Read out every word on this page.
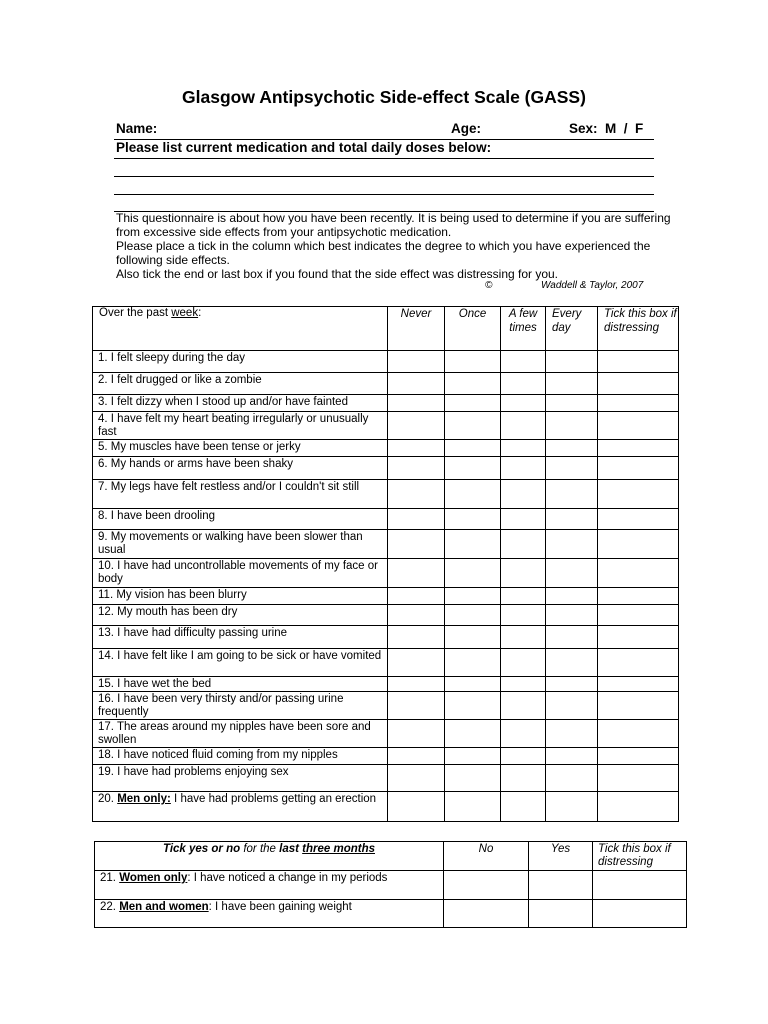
Glasgow Antipsychotic Side-effect Scale (GASS)
Name:	Age:	Sex:  M  /  F
Please list current medication and total daily doses below:
This questionnaire is about how you have been recently. It is being used to determine if you are suffering from excessive side effects from your antipsychotic medication.
Please place a tick in the column which best indicates the degree to which you have experienced the following side effects.
Also tick the end or last box if you found that the side effect was distressing for you.
©	Waddell & Taylor, 2007
Over the past week:	Never	Once	A few times	Every day	Tick this box if distressing
1. I felt sleepy during the day					
2. I felt drugged or like a zombie					
3. I felt dizzy when I stood up and/or have fainted					
4. I have felt my heart beating irregularly or unusually fast					
5. My muscles have been tense or jerky					
6. My hands or arms have been shaky					
7. My legs have felt restless and/or I couldn't sit still					
8. I have been drooling					
9. My movements or walking have been slower than usual					
10. I have had uncontrollable movements of my face or body					
11. My vision has been blurry					
12. My mouth has been dry					
13. I have had difficulty passing urine					
14. I have felt like I am going to be sick or have vomited					
15. I have wet the bed					
16. I have been very thirsty and/or passing urine frequently					
17. The areas around my nipples have been sore and swollen					
18. I have noticed fluid coming from my nipples					
19. I have had problems enjoying sex					
20. Men only: I have had problems getting an erection					
Tick yes or no for the last three months	No	Yes	Tick this box if distressing
21. Women only: I have noticed a change in my periods			
22. Men and women: I have been gaining weight			
